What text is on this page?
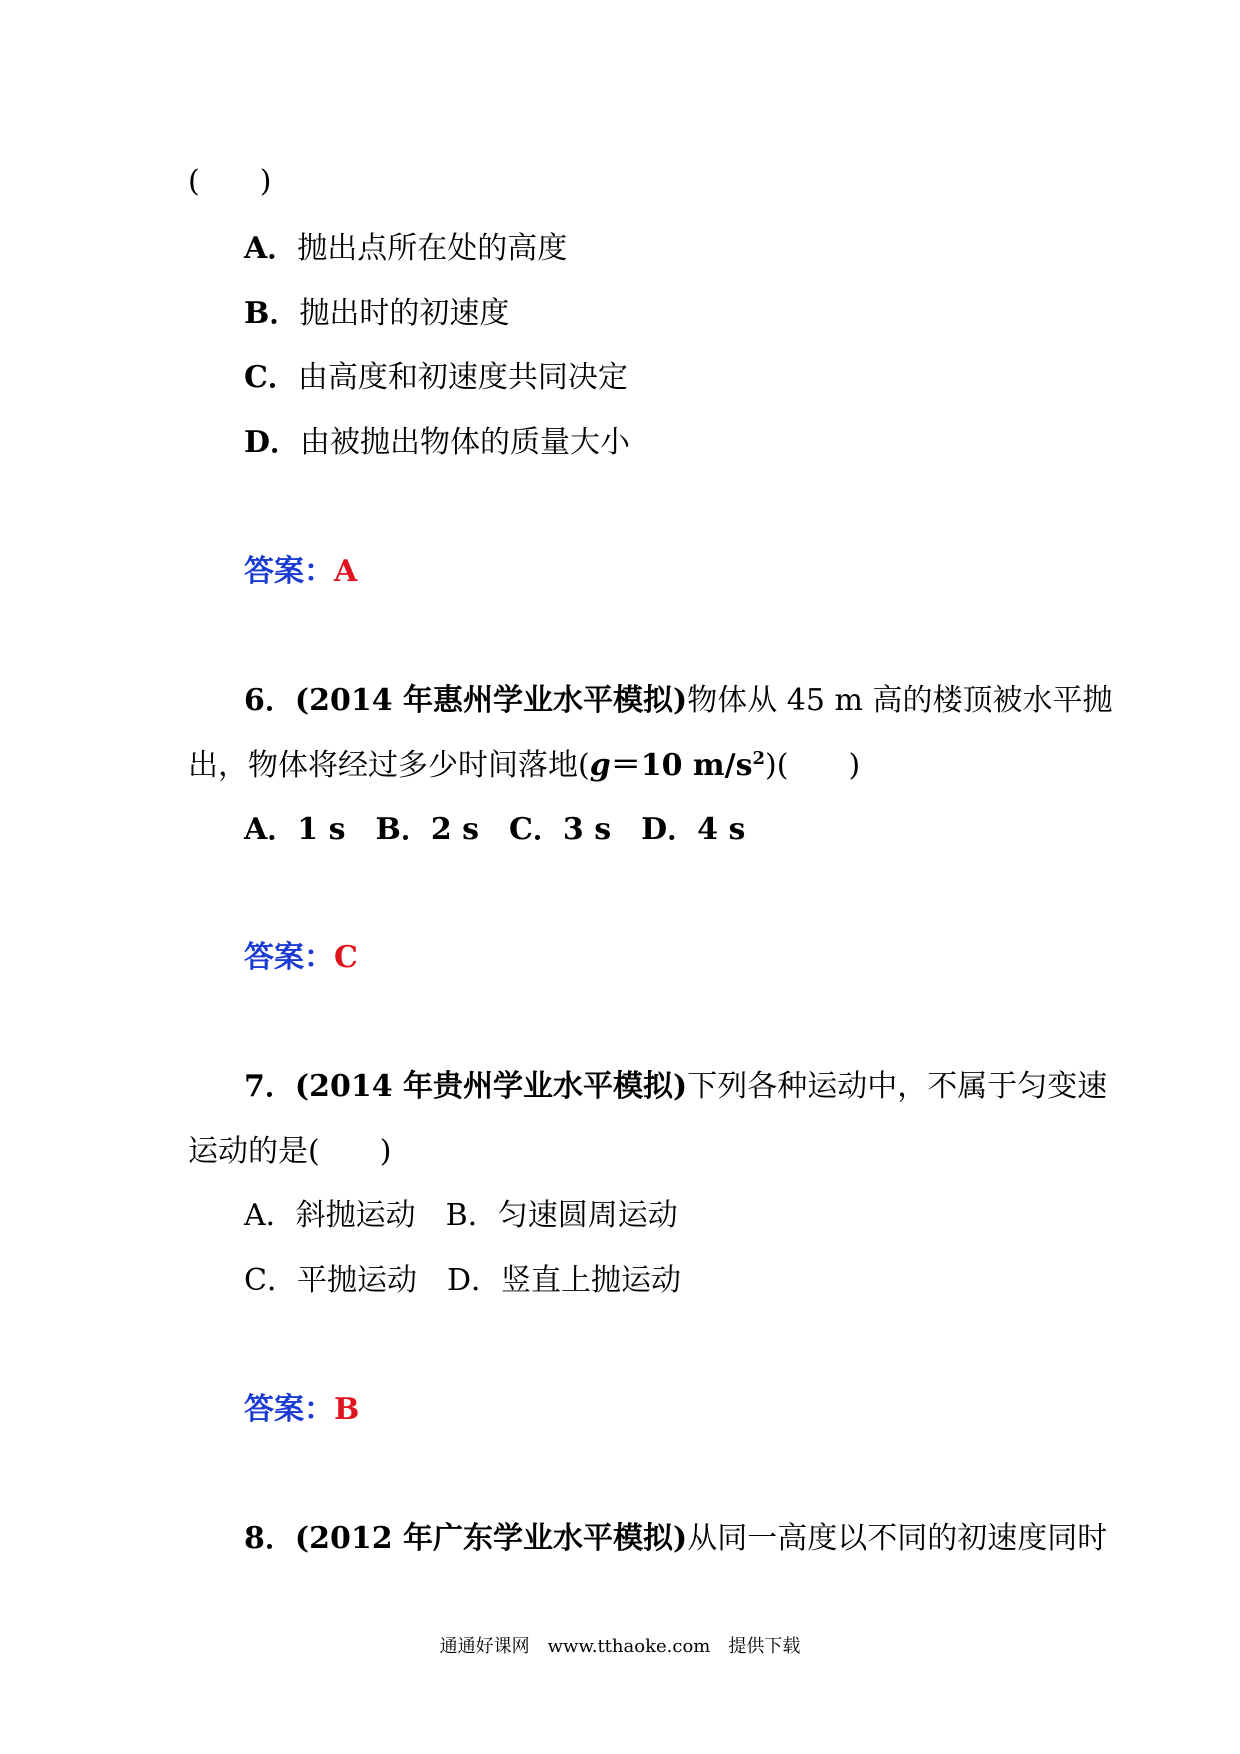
(　　)
A．抛出点所在处的高度
B．抛出时的初速度
C．由高度和初速度共同决定
D．由被抛出物体的质量大小
答案：A
6．(2014 年惠州学业水平模拟)物体从 45 m 高的楼顶被水平抛
出，物体将经过多少时间落地(g＝10 $m/s^2$)(　　)
A．1 s　B．2 s　C．3 s　D．4 s
答案：C
7．(2014 年贵州学业水平模拟)下列各种运动中，不属于匀变速
运动的是(　　)
A．斜抛运动　B．匀速圆周运动
C．平抛运动　D．竖直上抛运动
答案：B
8．(2012 年广东学业水平模拟)从同一高度以不同的初速度同时
通通好课网　www.tthaoke.com　提供下载
